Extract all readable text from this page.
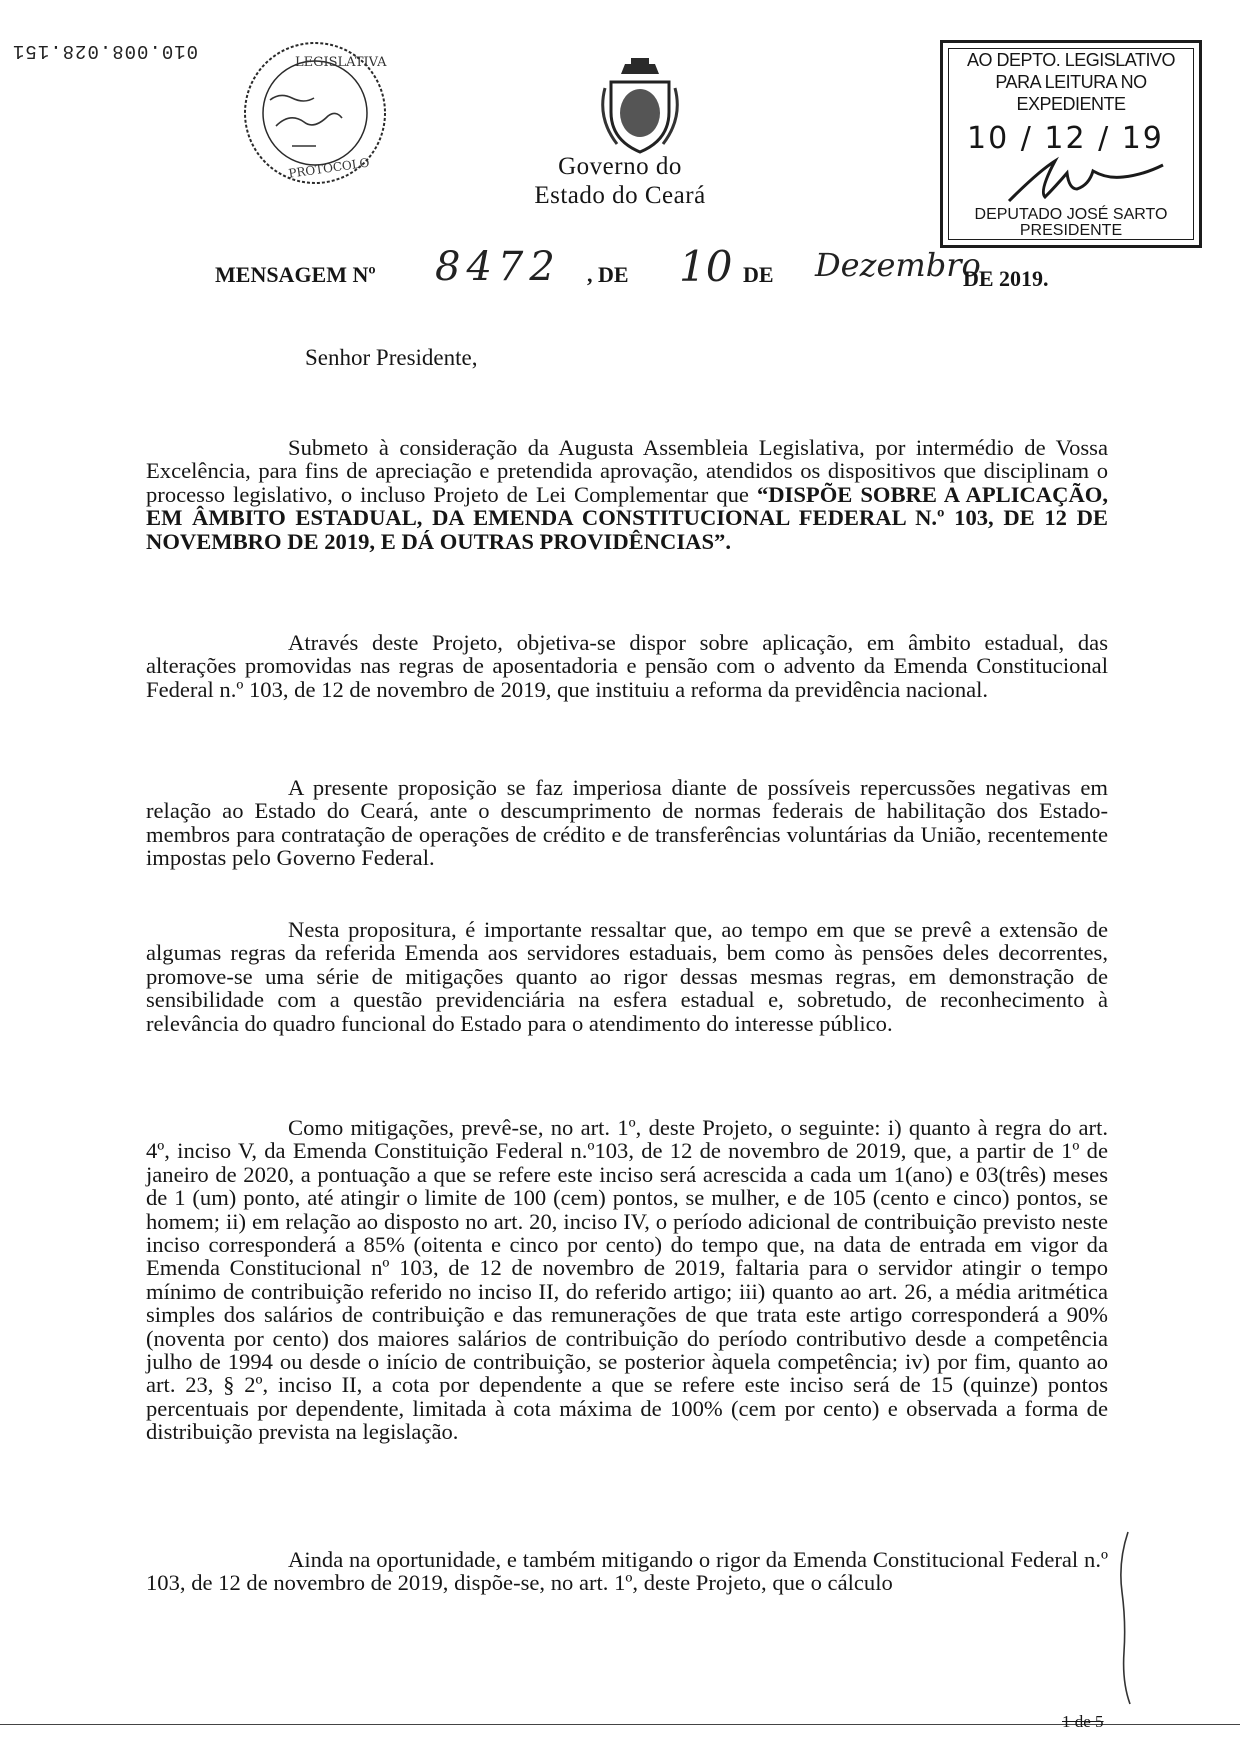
010.008.028.151
LEGISLATIVA
PROTOCOLO	Governo do
Estado do Ceará
AO DEPTO. LEGISLATIVO
PARA LEITURA NO EXPEDIENTE
10 / 12 / 19
DEPUTADO JOSÉ SARTO
PRESIDENTE
MENSAGEM Nº 8472 , DE 10 DE Dezembro
DE 2019.
Senhor Presidente,

Submeto à consideração da Augusta Assembleia Legislativa, por intermédio de Vossa Excelência, para fins de apreciação e pretendida aprovação, atendidos os dispositivos que disciplinam o processo legislativo, o incluso Projeto de Lei Complementar que “DISPÕE SOBRE A APLICAÇÃO, EM ÂMBITO ESTADUAL, DA EMENDA CONSTITUCIONAL FEDERAL N.º 103, DE 12 DE NOVEMBRO DE 2019, E DÁ OUTRAS PROVIDÊNCIAS”.

Através deste Projeto, objetiva-se dispor sobre aplicação, em âmbito estadual, das alterações promovidas nas regras de aposentadoria e pensão com o advento da Emenda Constitucional Federal n.º 103, de 12 de novembro de 2019, que instituiu a reforma da previdência nacional.

A presente proposição se faz imperiosa diante de possíveis repercussões negativas em relação ao Estado do Ceará, ante o descumprimento de normas federais de habilitação dos Estado-membros para contratação de operações de crédito e de transferências voluntárias da União, recentemente impostas pelo Governo Federal.

Nesta propositura, é importante ressaltar que, ao tempo em que se prevê a extensão de algumas regras da referida Emenda aos servidores estaduais, bem como às pensões deles decorrentes, promove-se uma série de mitigações quanto ao rigor dessas mesmas regras, em demonstração de sensibilidade com a questão previdenciária na esfera estadual e, sobretudo, de reconhecimento à relevância do quadro funcional do Estado para o atendimento do interesse público.

Como mitigações, prevê-se, no art. 1º, deste Projeto, o seguinte: i) quanto à regra do art. 4º, inciso V, da Emenda Constituição Federal n.º103, de 12 de novembro de 2019, que, a partir de 1º de janeiro de 2020, a pontuação a que se refere este inciso será acrescida a cada um 1(ano) e 03(três) meses de 1 (um) ponto, até atingir o limite de 100 (cem) pontos, se mulher, e de 105 (cento e cinco) pontos, se homem; ii) em relação ao disposto no art. 20, inciso IV, o período adicional de contribuição previsto neste inciso corresponderá a 85% (oitenta e cinco por cento) do tempo que, na data de entrada em vigor da Emenda Constitucional nº 103, de 12 de novembro de 2019, faltaria para o servidor atingir o tempo mínimo de contribuição referido no inciso II, do referido artigo; iii) quanto ao art. 26, a média aritmética simples dos salários de contribuição e das remunerações de que trata este artigo corresponderá a 90% (noventa por cento) dos maiores salários de contribuição do período contributivo desde a competência julho de 1994 ou desde o início de contribuição, se posterior àquela competência; iv) por fim, quanto ao art. 23, § 2º, inciso II, a cota por dependente a que se refere este inciso será de 15 (quinze) pontos percentuais por dependente, limitada à cota máxima de 100% (cem por cento) e observada a forma de distribuição prevista na legislação.

Ainda na oportunidade, e também mitigando o rigor da Emenda Constitucional Federal n.º 103, de 12 de novembro de 2019, dispõe-se, no art. 1º, deste Projeto, que o cálculo

1 de 5
